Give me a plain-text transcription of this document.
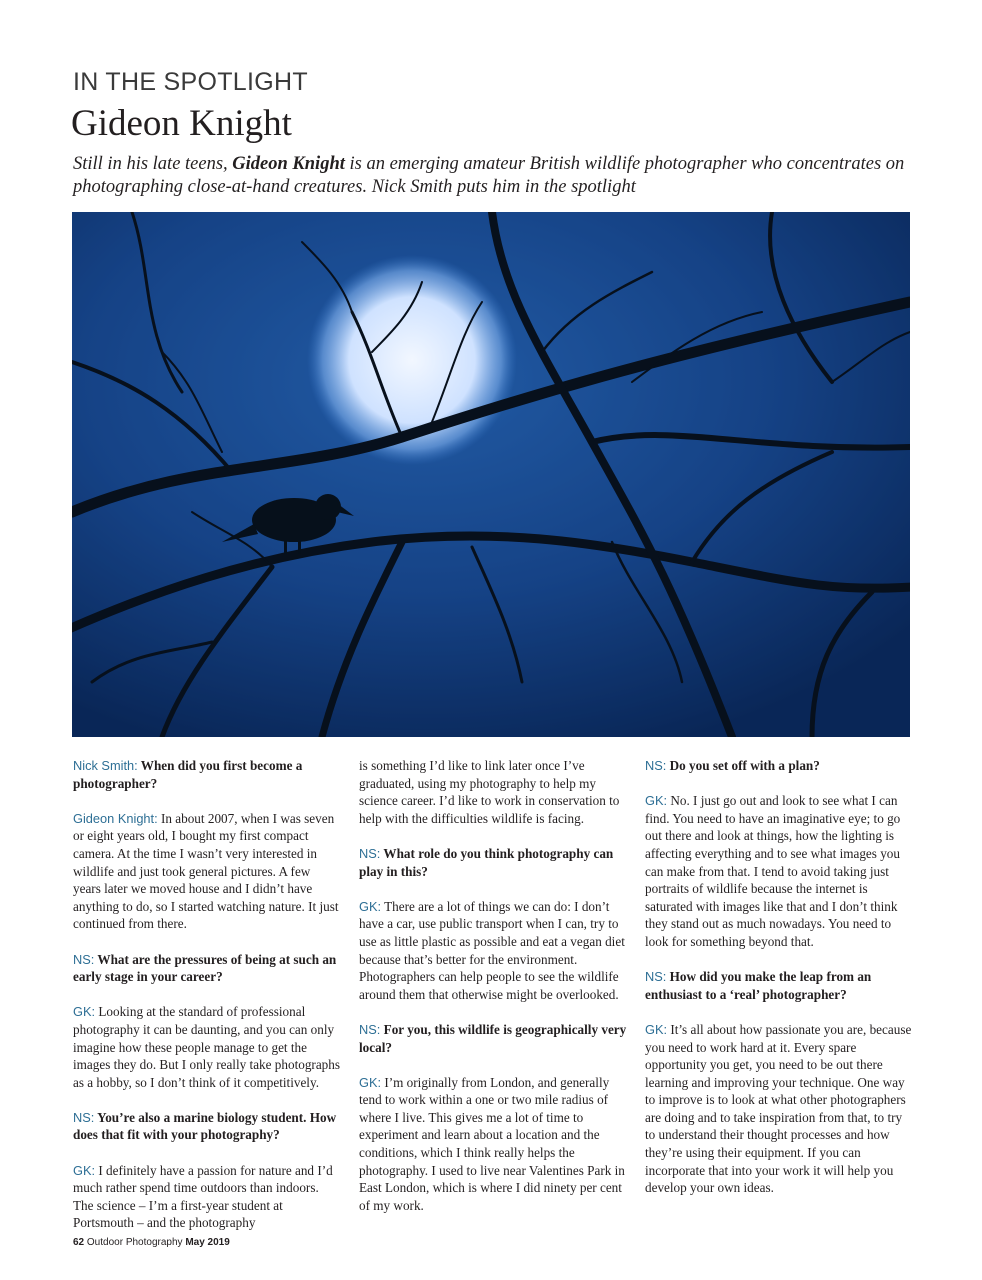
IN THE SPOTLIGHT
Gideon Knight

Still in his late teens, Gideon Knight is an emerging amateur British wildlife photographer who concentrates on photographing close-at-hand creatures. Nick Smith puts him in the spotlight

Nick Smith: When did you first become a photographer?

Gideon Knight: In about 2007, when I was seven or eight years old, I bought my first compact camera. At the time I wasn’t very interested in wildlife and just took general pictures. A few years later we moved house and I didn’t have anything to do, so I started watching nature. It just continued from there.

NS: What are the pressures of being at such an early stage in your career?

GK: Looking at the standard of professional photography it can be daunting, and you can only imagine how these people manage to get the images they do. But I only really take photographs as a hobby, so I don’t think of it competitively.

NS: You’re also a marine biology student. How does that fit with your photography?

GK: I definitely have a passion for nature and I’d much rather spend time outdoors than indoors. The science – I’m a first-year student at Portsmouth – and the photography

is something I’d like to link later once I’ve graduated, using my photography to help my science career. I’d like to work in conservation to help with the difficulties wildlife is facing.

NS: What role do you think photography can play in this?

GK: There are a lot of things we can do: I don’t have a car, use public transport when I can, try to use as little plastic as possible and eat a vegan diet because that’s better for the environment. Photographers can help people to see the wildlife around them that otherwise might be overlooked.

NS: For you, this wildlife is geographically very local?

GK: I’m originally from London, and generally tend to work within a one or two mile radius of where I live. This gives me a lot of time to experiment and learn about a location and the conditions, which I think really helps the photography. I used to live near Valentines Park in East London, which is where I did ninety per cent of my work.

NS: Do you set off with a plan?

GK: No. I just go out and look to see what I can find. You need to have an imaginative eye; to go out there and look at things, how the lighting is affecting everything and to see what images you can make from that. I tend to avoid taking just portraits of wildlife because the internet is saturated with images like that and I don’t think they stand out as much nowadays. You need to look for something beyond that.

NS: How did you make the leap from an enthusiast to a ‘real’ photographer?

GK: It’s all about how passionate you are, because you need to work hard at it. Every spare opportunity you get, you need to be out there learning and improving your technique. One way to improve is to look at what other photographers are doing and to take inspiration from that, to try to understand their thought processes and how they’re using their equipment. If you can incorporate that into your work it will help you develop your own ideas.

62 Outdoor Photography May 2019
